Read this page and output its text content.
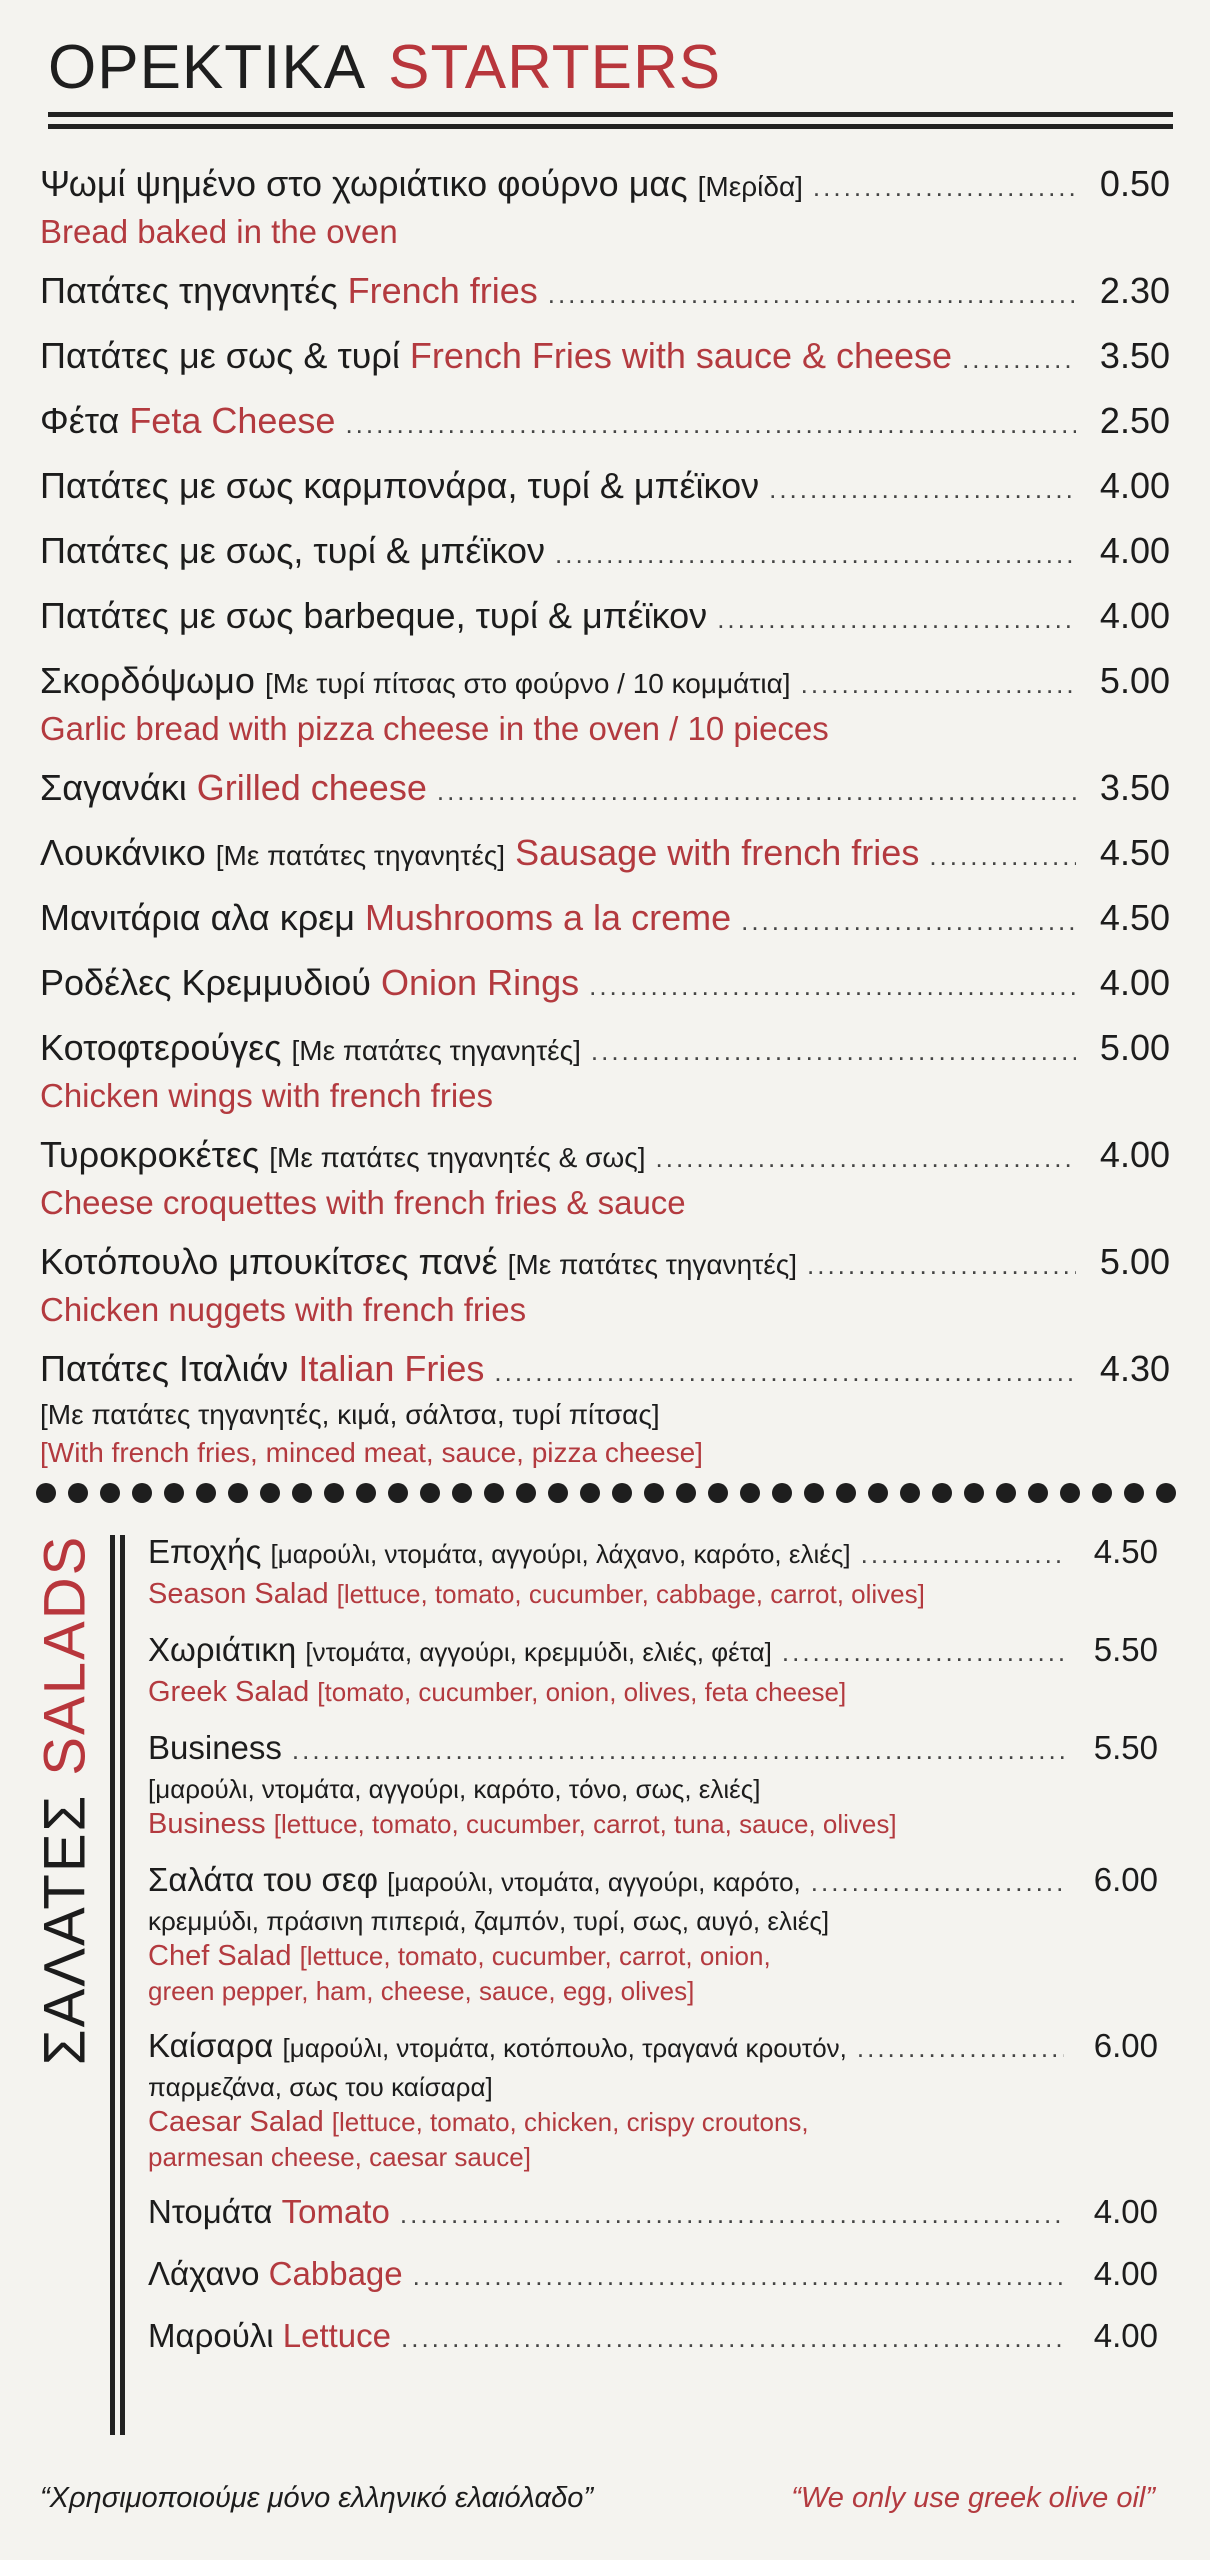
ΟΡΕΚΤΙΚΑ STARTERS
Ψωμί ψημένο στο χωριάτικο φούρνο μας [Μερίδα] .....	0.50
Bread baked in the oven
Πατάτες τηγανητές French fries .....	2.30
Πατάτες με σως & τυρί French Fries with sauce & cheese .....	3.50
Φέτα Feta Cheese .....	2.50
Πατάτες με σως καρμπονάρα, τυρί & μπέϊκον .....	4.00
Πατάτες με σως, τυρί & μπέϊκον .....	4.00
Πατάτες με σως barbeque, τυρί & μπέϊκον .....	4.00
Σκορδόψωμο [Με τυρί πίτσας στο φούρνο / 10 κομμάτια] .....	5.00
Garlic bread with pizza cheese in the oven / 10 pieces
Σαγανάκι Grilled cheese .....	3.50
Λουκάνικο [Με πατάτες τηγανητές] Sausage with french fries .....	4.50
Μανιτάρια αλα κρεμ Mushrooms a la creme .....	4.50
Ροδέλες Κρεμμυδιού Onion Rings .....	4.00
Κοτοφτερούγες [Με πατάτες τηγανητές] .....	5.00
Chicken wings with french fries
Τυροκροκέτες [Με πατάτες τηγανητές & σως] .....	4.00
Cheese croquettes with french fries & sauce
Κοτόπουλο μπουκίτσες πανέ [Με πατάτες τηγανητές] .....	5.00
Chicken nuggets with french fries
Πατάτες Ιταλιάν Italian Fries .....	4.30
[Με πατάτες τηγανητές, κιμά, σάλτσα, τυρί πίτσας]
[With french fries, minced meat, sauce, pizza cheese]
ΣΑΛΑΤΕΣSALADS Εποχής [μαρούλι, ντομάτα, αγγούρι, λάχανο, καρότο, ελιές] .....	4.50
Season Salad [lettuce, tomato, cucumber, cabbage, carrot, olives]
Χωριάτικη [ντομάτα, αγγούρι, κρεμμύδι, ελιές, φέτα] .....	5.50
Greek Salad [tomato, cucumber, onion, olives, feta cheese]
Business .....	5.50
[μαρούλι, ντομάτα, αγγούρι, καρότο, τόνο, σως, ελιές]
Business [lettuce, tomato, cucumber, carrot, tuna, sauce, olives]
Σαλάτα του σεφ [μαρούλι, ντομάτα, αγγούρι, καρότο, .....	6.00
κρεμμύδι, πράσινη πιπεριά, ζαμπόν, τυρί, σως, αυγό, ελιές]
Chef Salad [lettuce, tomato, cucumber, carrot, onion,
green pepper, ham, cheese, sauce, egg, olives]
Καίσαρα [μαρούλι, ντομάτα, κοτόπουλο, τραγανά κρουτόν, .....	6.00
παρμεζάνα, σως του καίσαρα]
Caesar Salad [lettuce, tomato, chicken, crispy croutons,
parmesan cheese, caesar sauce]
Ντομάτα Tomato .....	4.00
Λάχανο Cabbage .....	4.00
Μαρούλι Lettuce .....	4.00
“Χρησιμοποιούμε μόνο ελληνικό ελαιόλαδο”	“We only use greek olive oil”
